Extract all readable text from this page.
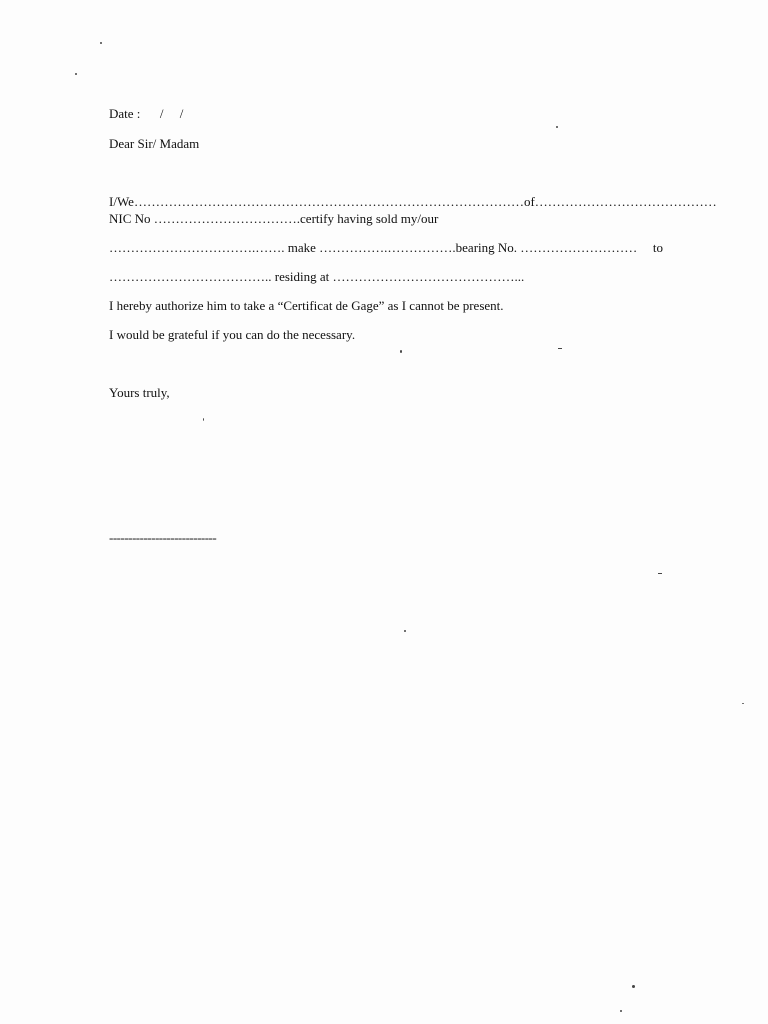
Date :      /     /
Dear Sir/ Madam
I/We………………………………………………………………………………of……………………………………
NIC No …………………………….certify having sold my/our
…………………………….……. make …………….…………….bearing No. ……………………… to
……………………………….. residing at ……………………………………...
I hereby authorize him to take a “Certificat de Gage” as I cannot be present.
I would be grateful if you can do the necessary.
Yours truly,
----------------------------
